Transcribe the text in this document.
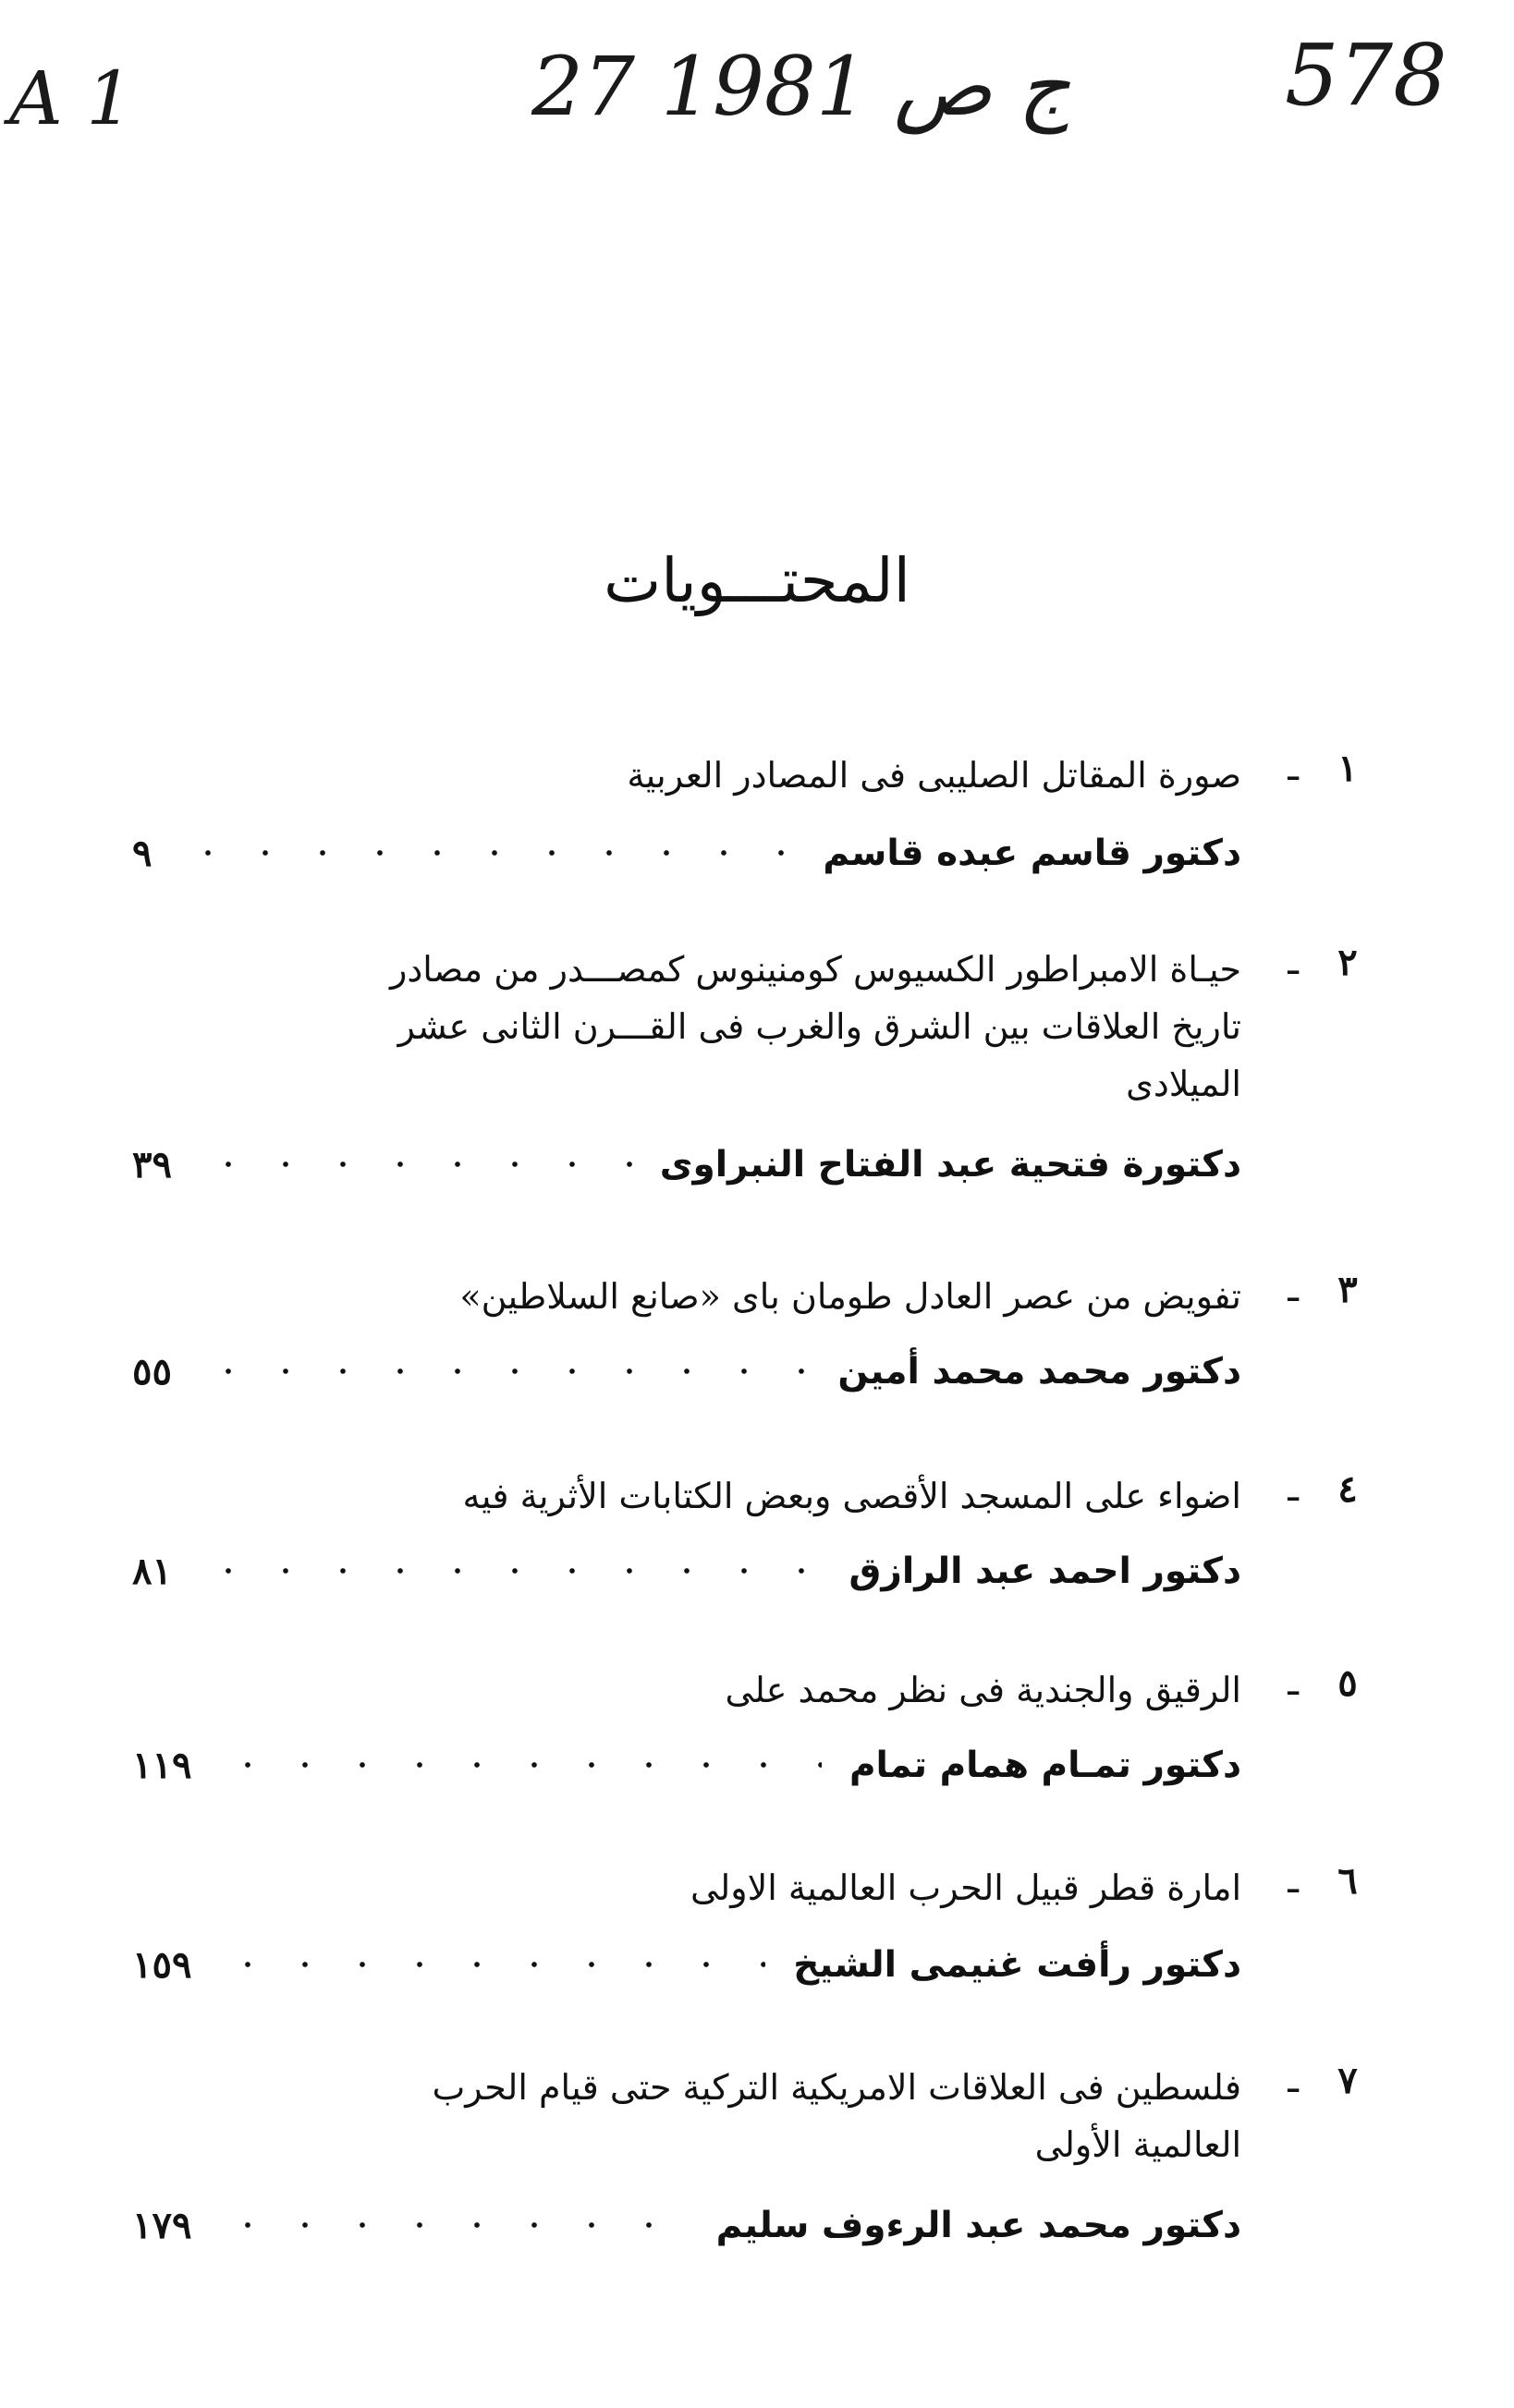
A 1	27 ج ص 1981	578
المحتـــويات
١
ـ
صورة المقاتل الصليبى فى المصادر العربية
دكتور قاسم عبده قاسم
٩
٢
ـ
حيـاة الامبراطور الكسيوس كومنينوس كمصـــدر من مصادر تاريخ العلاقات بين الشرق والغرب فى القـــرن الثانى عشر الميلادى
دكتورة فتحية عبد الفتاح النبراوى
٣٩
٣
ـ
تفويض من عصر العادل طومان باى «صانع السلاطين»
دكتور محمد محمد أمين
٥٥
٤
ـ
اضواء على المسجد الأقصى وبعض الكتابات الأثرية فيه
دكتور احمد عبد الرازق
٨١
٥
ـ
الرقيق والجندية فى نظر محمد على
دكتور تمـام همام تمام
١١٩
٦
ـ
امارة قطر قبيل الحرب العالمية الاولى
دكتور رأفت غنيمى الشيخ
١٥٩
٧
ـ
فلسطين فى العلاقات الامريكية التركية حتى قيام الحرب العالمية الأولى
دكتور محمد عبد الرءوف سليم
١٧٩
